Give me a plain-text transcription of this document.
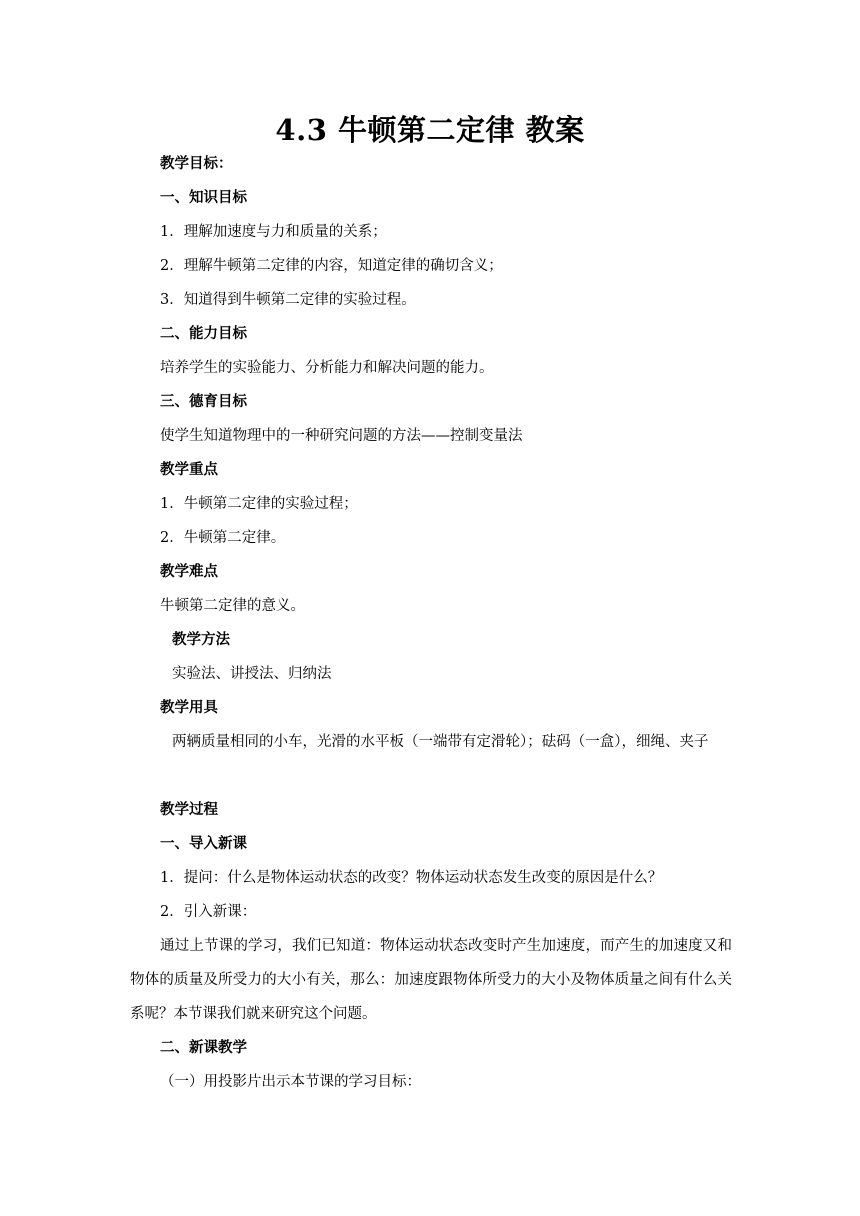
4.3 牛顿第二定律 教案
教学目标：
一、知识目标
1．理解加速度与力和质量的关系；
2．理解牛顿第二定律的内容，知道定律的确切含义；
3．知道得到牛顿第二定律的实验过程。
二、能力目标
培养学生的实验能力、分析能力和解决问题的能力。
三、德育目标
使学生知道物理中的一种研究问题的方法——控制变量法
教学重点
1．牛顿第二定律的实验过程；
2．牛顿第二定律。
教学难点
牛顿第二定律的意义。
教学方法
实验法、讲授法、归纳法
教学用具
两辆质量相同的小车，光滑的水平板（一端带有定滑轮）；砝码（一盒），细绳、夹子
教学过程
一、导入新课
1．提问：什么是物体运动状态的改变？物体运动状态发生改变的原因是什么？
2．引入新课：
通过上节课的学习，我们已知道：物体运动状态改变时产生加速度，而产生的加速度又和物体的质量及所受力的大小有关，那么：加速度跟物体所受力的大小及物体质量之间有什么关系呢？本节课我们就来研究这个问题。
二、新课教学
（一）用投影片出示本节课的学习目标：
